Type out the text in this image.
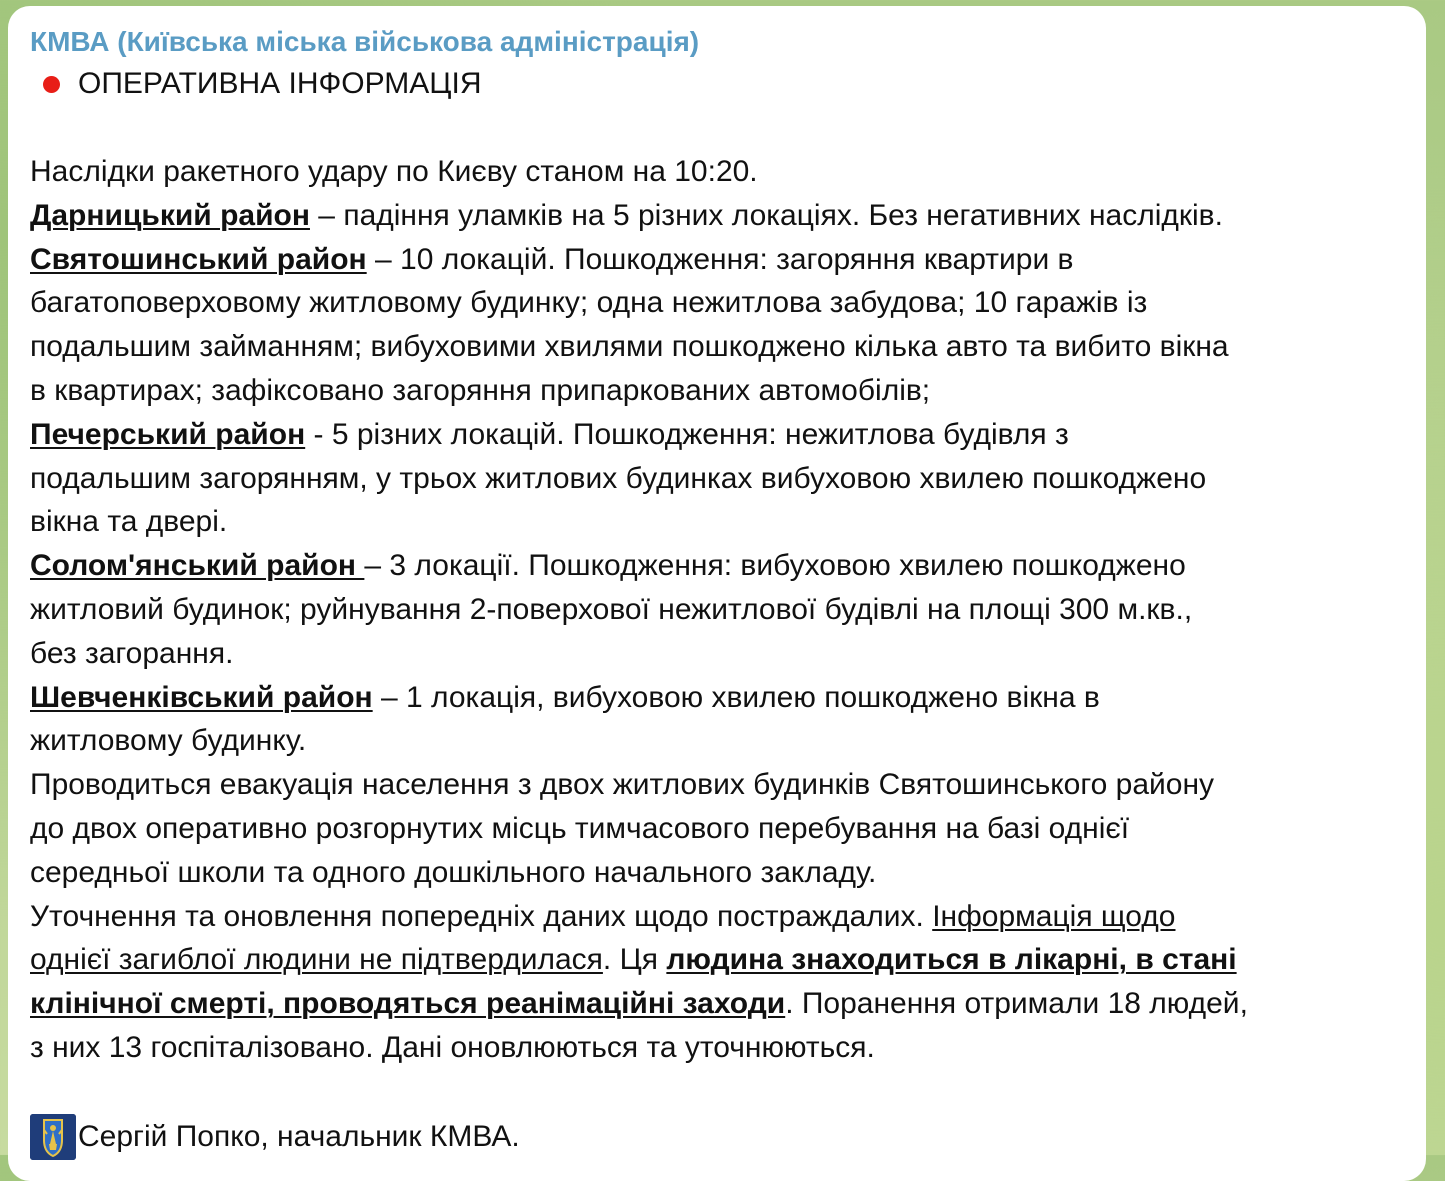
КМВА (Київська міська військова адміністрація)
ОПЕРАТИВНА ІНФОРМАЦІЯ
Наслідки ракетного удару по Києву станом на 10:20.
Дарницький район – падіння уламків на 5 різних локаціях. Без негативних наслідків.
Святошинський район – 10 локацій. Пошкодження: загоряння квартири в
багатоповерховому житловому будинку; одна нежитлова забудова; 10 гаражів із
подальшим займанням; вибуховими хвилями пошкоджено кілька авто та вибито вікна
в квартирах; зафіксовано загоряння припаркованих автомобілів;
Печерський район - 5 різних локацій. Пошкодження: нежитлова будівля з
подальшим загорянням, у трьох житлових будинках вибуховою хвилею пошкоджено
вікна та двері.
Солом'янський район – 3 локації. Пошкодження: вибуховою хвилею пошкоджено
житловий будинок; руйнування 2-поверхової нежитлової будівлі на площі 300 м.кв.,
без загорання.
Шевченківський район – 1 локація, вибуховою хвилею пошкоджено вікна в
житловому будинку.
Проводиться евакуація населення з двох житлових будинків Святошинського району
до двох оперативно розгорнутих місць тимчасового перебування на базі однієї
середньої школи та одного дошкільного начального закладу.
Уточнення та оновлення попередніх даних щодо постраждалих. Інформація щодо
однієї загиблої людини не підтвердилася. Ця людина знаходиться в лікарні, в стані
клінічної смерті, проводяться реанімаційні заходи. Поранення отримали 18 людей,
з них 13 госпіталізовано. Дані оновлюються та уточнюються.
Сергій Попко, начальник КМВА.
